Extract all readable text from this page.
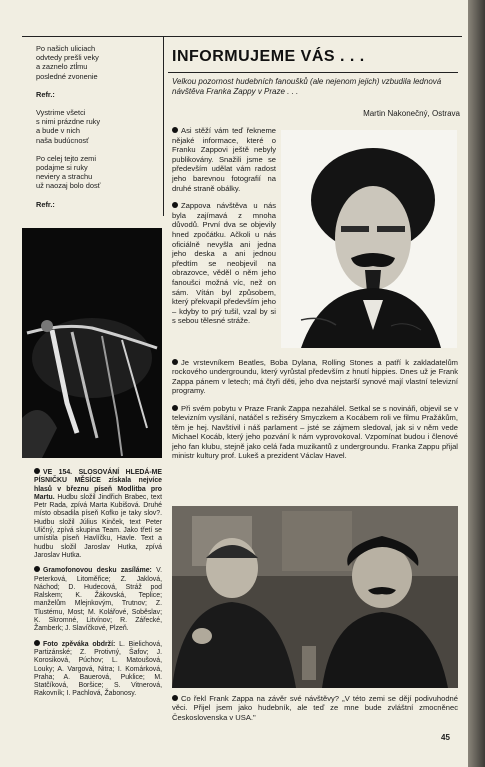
Po našich uliciach
odvtedy prešli veky
a zaznelo ztĺmu
posledné zvonenie
Refr.:
Vystrime všetci
s nimi prázdne ruky
a bude v nich
naša budúcnosť
Po celej tejto zemi
podajme si ruky
neviery a strachu
už naozaj bolo dosť
Refr.:
VE 154. SLOSOVÁNÍ HLEDÁ-ME PÍSNIČKU MĚSÍCE získala nejvíce hlasů v březnu píseň Modlitba pro Martu. Hudbu složil Jindřich Brabec, text Petr Rada, zpívá Marta Kubišová. Druhé místo obsadila píseň Kofko je taky slov?. Hudbu složil Július Kinček, text Peter Uličný, zpívá skupina Team. Jako třetí se umístila píseň Havlíčku, Havle. Text a hudbu složil Jaroslav Hutka, zpívá Jaroslav Hutka.
Gramofonovou desku zasíláme: V. Peterková, Litoměřice; Z. Jaklová, Náchod; D. Hudecová, Stráž pod Ralskem; K. Žákovská, Teplice; manželům Mlejnkovým, Trutnov; Z. Tlustému, Most; M. Kolářové, Soběslav; K. Skromné, Litvínov; R. Zářecké, Žamberk; J. Slavíčkové, Plzeň.
Foto zpěváka obdrží: L. Bielichová, Partizánské; Z. Protivný, Šafov; J. Korosiková, Púchov; L. Matoušová, Louky; A. Vargová, Nitra; I. Komárková, Praha; A. Bauerová, Puklice; M. Statčíková, Boršice; S. Vitnerová, Rakovník; I. Pachlová, Žabonosy.
INFORMUJEME VÁS . . .
Velkou pozornost hudebních fanoušků (ale nejenom jejich) vzbudila lednová návštěva Franka Zappy v Praze . . .
Martin Nakonečný, Ostrava
Asi stěží vám teď řekneme nějaké informace, které o Franku Zappovi ještě nebyly publikovány. Snažili jsme se především udělat vám radost jeho barevnou fotografií na druhé straně obálky.
Zappova návštěva u nás byla zajímavá z mnoha důvodů. První dva se objevily hned zpočátku. Ačkoli u nás oficiálně nevyšla ani jedna jeho deska a ani jednou předtím se neobjevil na obrazovce, věděl o něm jeho fanoušci možná víc, než on sám. Vítán byl způsobem, který překvapil především jeho – kdyby to prý tušil, vzal by si s sebou tělesné stráže.
Je vrstevníkem Beatles, Boba Dylana, Rolling Stones a patří k zakladatelům rockového undergroundu, který vyrůstal především z hnutí hippies. Dnes už je Frank Zappa pánem v letech; má čtyři děti, jeho dva nejstarší synové mají vlastní televizní programy.
Při svém pobytu v Praze Frank Zappa nezahálel. Setkal se s novináři, objevil se v televizním vysílání, natáčel s režiséry Smyczkem a Kocábem roli ve filmu Pražákům, těm je hej. Navštívil i náš parlament – jsté se zájmem sledoval, jak si v něm vede Michael Kocáb, který jeho pozvání k nám vyprovokoval. Vzpomínat budou i členové jeho fan klubu, stejně jako celá řada muzikantů z undergroundu. Franka Zappu přijal ministr kultury prof. Lukeš a prezident Václav Havel.
Co řekl Frank Zappa na závěr své návštěvy? „V této zemi se dějí podivuhodné věci. Přijel jsem jako hudebník, ale teď ze mne bude zvláštní zmocněnec Československa v USA."
45
